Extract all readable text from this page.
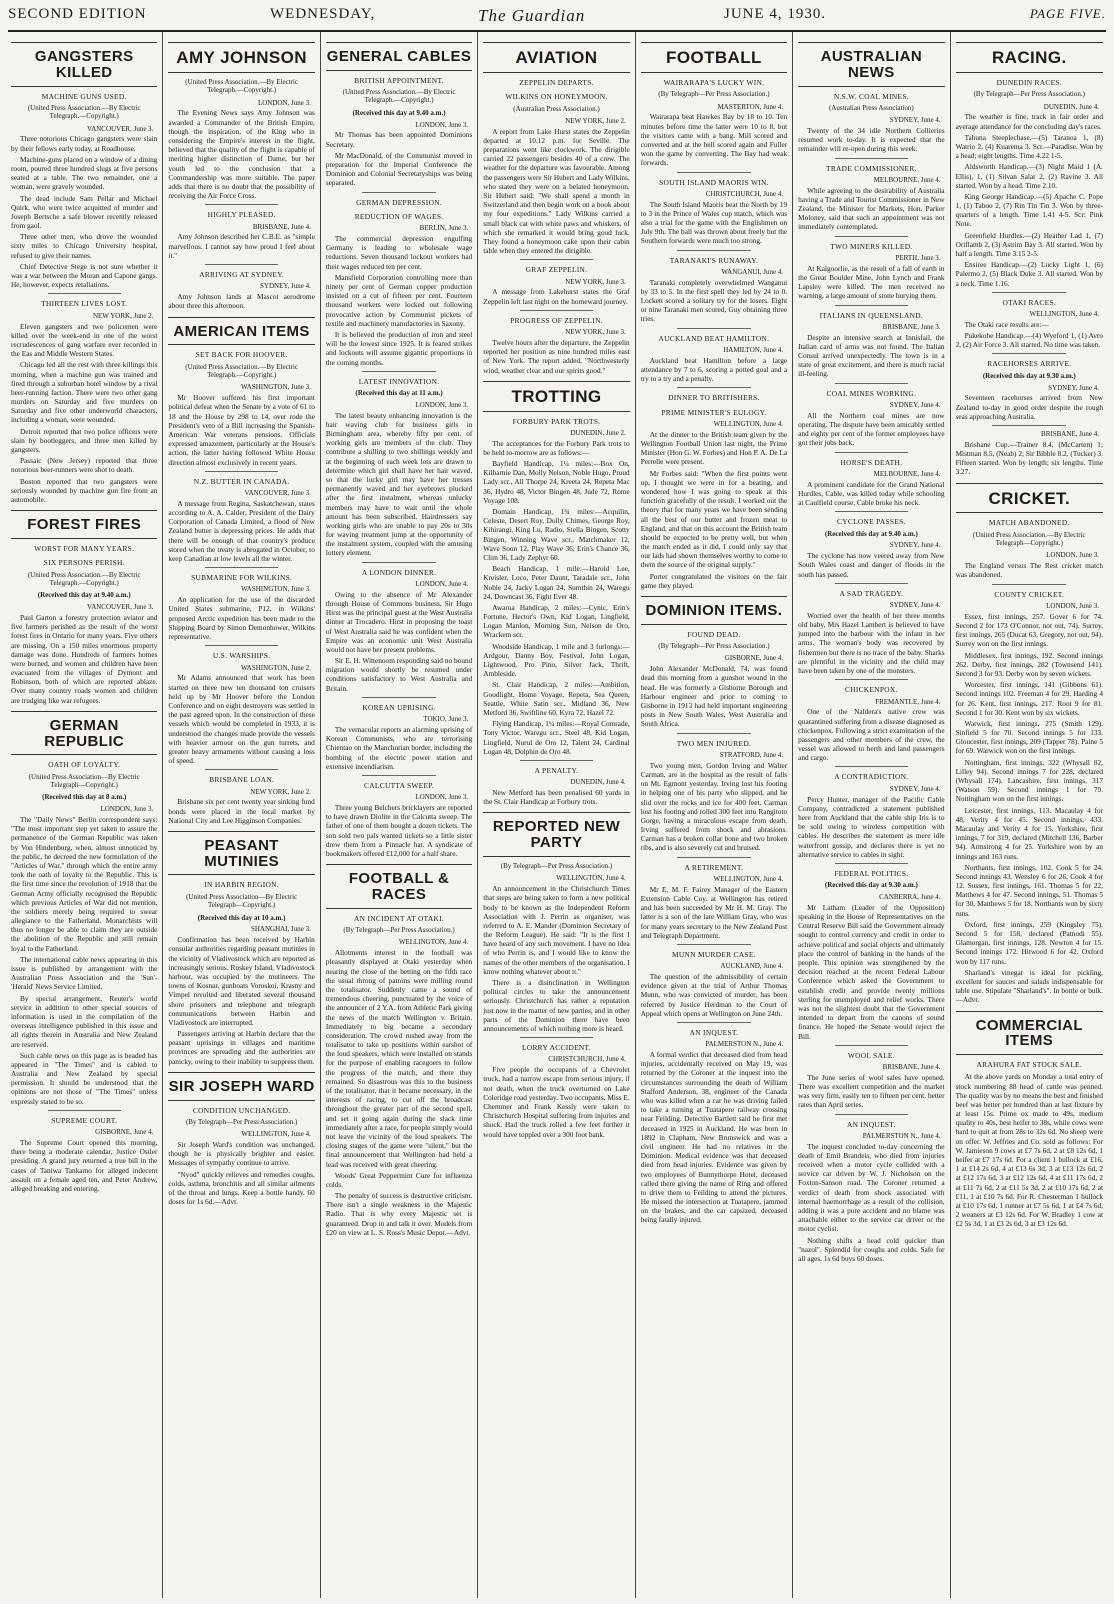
SECOND EDITION	WEDNESDAY,	The Guardian	JUNE 4, 1930.	PAGE FIVE.
GANGSTERS KILLED
MACHINE GUNS USED.
(United Press Association.—By Electric Telegraph.—Copyright.)
VANCOUVER, June 3.

Three notorious Chicago gangsters were slain by their fellows early today, at Roadhouse.

Machine-guns placed on a window of a dining room, poured three hundred slugs at five persons seated at a table. The two remainder, one a woman, were gravely wounded.

The dead include Sam Pellar and Michael Quirk, who were twice acquitted of murder and Joseph Bertsche a safe blower recently released from gaol.

Three other men, who drove the wounded sixty miles to Chicago University hospital, refused to give their names.

Chief Detective Stege is not sure whether it was a war between the Moran and Capone gangs. He, however, expects retaliations.

THIRTEEN LIVES LOST.
NEW YORK, June 2.

Eleven gangsters and two policemen were killed over the week-end in one of the worst recrudescences of gang warfare ever recorded in the Eas and Middle Western States.

Chicago led all the rest with three killings this morning, when a machine gun was trained and fired through a suburban hotel window by a rival beer-running faction. There were two other gang murders on Saturday and five murders on Saturday and five other underworld characters, including a woman, were wounded.

Detroit reported that two police officers were slain by bootleggers, and three men killed by gangsters.

Passaic (New Jersey) reported that three notorious beer-runners were shot to death.

Boston reported that two gangsters were seriously wounded by machine gun fire from an automobile.

FOREST FIRES
WORST FOR MANY YEARS.
SIX PERSONS PERISH.
(United Press Association.—By Electric Telegraph.—Copyright.)
(Received this day at 9.40 a.m.)
VANCOUVER, June 3.

Paul Garton a forestry protection aviator and five farmers perished as the result of the worst forest fires in Ontario for many years. Five others are missing. On a 150 miles enormous property damage was done. Hundreds of farmers homes were burned, and women and children have been evacuated from the villages of Dymont and Robinson, both of which are reported ablaze. Over many country roads women and children are trudging like war refugees.

GERMAN REPUBLIC
OATH OF LOYALTY.
(United Press Association—By Electric Telegraph—Copyright.)
(Received this day at 8 a.m.)
LONDON, June 3.

The "Daily News" Berlin correspondent says: "The most important step yet taken to assure the permanence of the German Republic was taken by Von Hindenburg, when, almost unnoticed by the public, he decreed the new formulation of the "Articles of War," through which the entire army took the oath of loyalty to the Republic. This is the first time since the revolution of 1918 that the German Army officially recognised the Republic which previous Articles of War did not mention, the soldiers merely being required to swear allegiance to the Fatherland. Monarchists will thus no longer be able to claim they are outside the abolition of the Republic and still remain loyal to the Fatherland.

The international cable news appearing in this issue is published by arrangement with the Australian Press Association and the 'Sun'-'Herald' News Service Limited.

By special arrangement, Reuter's world service in addition to other special sources of information is used in the compilation of the overseas intelligence published in this issue and all rights therein in Australia and New Zealand are reserved.

Such cable news on this page as is headed has appeared in "The Times" and is cabled to Australia and New Zealand by special permission. It should be understood that the opinions are not those of "The Times" unless expressly stated to be so.

SUPREME COURT.
GISBORNE, June 4.

The Supreme Court opened this morning, there being a moderate calendar, Justice Ostler presiding. A grand jury returned a true bill in the cases of Taniwa Tankamo for alleged indecent assault on a female aged ten, and Peter Andrew, alleged breaking and entering.

AMY JOHNSON
(United Press Association.—By Electric Telegraph.—Copyright.)
LONDON, June 3.

The Evening News says Amy Johnson was awarded a Commander of the British Empire, though the inspiration, of the King who in considering the Empire's interest in the flight, believed that the quality of the flight is capable of meriting higher distinction of Dame, but her youth led to the conclusion that a Commandership was more suitable. The paper adds that there is no doubt that the possibility of receiving the Air Force Cross.

HIGHLY PLEASED.
BRISBANE, June 4.

Amy Johnson described her C.B.E. as "simple marvellous. I cannot say how proud I feel about it."

ARRIVING AT SYDNEY.
SYDNEY, June 4.

Amy Johnson lands at Mascot aerodrome about three this afternoon.

AMERICAN ITEMS
SET BACK FOR HOOVER.
(United Press Association.—By Electric Telegraph.—Copyright.)
WASHINGTON, June 3.

Mr Hoover suffered his first important political defeat when the Senate by a vote of 61 to 18 and the House by 298 to 14, over rode the President's veto of a Bill increasing the Spanish-American War veterans pensions. Officials expressed amazement, particularly at the House's action, the latter having followed White House direction almost exclusively in recent years.

N.Z. BUTTER IN CANADA.
VANCOUVER, June 3.

A message from Regina, Saskatchewan, states according to A. A. Calder, President of the Dairy Corporation of Canada Limited, a flood of New Zealand butter is depressing prices. He adds that there will be enough of that country's produce stored when the treaty is abrogated in October, to keep Canadian at low levels all the winter.

SUBMARINE FOR WILKINS.
WASHINGTON, June 3.

An application for the use of the discarded United States submarine, P12, in Wilkins' proposed Arctic expedition has been made to the Shipping Board by Simon Demonhower, Wilkins representative.

U.S. WARSHIPS.
WASHINGTON, June 2.

Mr Adams announced that work has been started on three new ten thousand ton cruisers held up by Mr Hoover before the London Conference and on eight destroyers was settled in the past agreed upon. In the construction of these vessels which would be completed in 1933, it is understood the changes made provide the vessels with heavier armour on the gun turrets, and greater heavy armaments without causing a loss of speed.

BRISBANE LOAN.
NEW YORK, June 2.

Brisbane six per cent twenty year sinking fund bonds were placed in the local market by National City and Lee Higginson Companies.

PEASANT MUTINIES
IN HARBIN REGION.
(United Press Association—By Electric Telegraph—Copyright.)
(Received this day at 10 a.m.)
SHANGHAI, June 3.

Confirmation has been received by Harbin consular authorities regarding peasant mutinies in the vicinity of Vladivostock which are reported as increasingly serious. Ruskey Island, Vladivostock harbour, was occupied by the mutineers. The towns of Kosnar, gunboats Voroskoi, Krasny and Vimpel revolted and liberated several thousand shore prisoners and telephone and telegraph communications between Harbin and Vladivostock are interrupted.

Passengers arriving at Harbin declare that the peasant uprisings in villages and maritime provinces are spreading and the authorities are panicky, owing to their inability to suppress them.

SIR JOSEPH WARD
CONDITION UNCHANGED.
(By Telegraph—Per Press Association.)
WELLINGTON, June 4.

Sir Joseph Ward's condition was unchanged, though he is physically brighter and easier. Messages of sympathy continue to arrive.

"Nyod" quickly relieves and remedies coughs, colds, asthma, bronchitis and all similar ailments of the throat and lungs. Keep a bottle handy. 60 doses for 1s 6d.—Advt.

GENERAL CABLES
BRITISH APPOINTMENT.
(United Press Association.—By Electric Telegraph.—Copyright.)
(Received this day at 9.40 a.m.)
LONDON, June 3.

Mr Thomas has been appointed Dominions Secretary.

Mr MacDonald, of the Communist moved in preparation for the Imperial Conference the Dominion and Colonial Secretaryships was being separated.

GERMAN DEPRESSION.
REDUCTION OF WAGES.
BERLIN, June 3.

The commercial depression engulfing Germany is leading to wholesale wage reductions. Seven thousand lockout workers had their wages reduced ten per cent.

Mansfield Corporation controlling more than ninety per cent of German copper production insisted on a cut of fifteen per cent. Fourteen thousand workers were locked out following provocative action by Communist pickets of textile and machinery manufactories in Saxony.

It is believed the production of iron and steel will be the lowest since 1925. It is feared strikes and lockouts will assume gigantic proportions in the coming months.

LATEST INNOVATION.
(Received this day at 11 a.m.)
LONDON, June 3.

The latest beauty enhancing innovation is the hair waving club for business girls in Birmingham area, whereby fifty per cent. of working girls are members of the club. They contribute a shilling to two shillings weekly and at the beginning of each week lots are drawn to determine which girl shall have her hair waved, so that the lucky girl may have her tresses permanently waved and her eyebrows plucked after the first instalment, whereas unlucky members may have to wait until the whole amount has been subscribed. Hairdressers say working girls who are unable to pay 20s to 30s for waving treatment jump at the opportunity of the instalment system, coupled with the amusing lottery element.

A LONDON DINNER.
LONDON, June 4.

Owing to the absence of Mr Alexander through House of Commons business, Sir Hugo Hirst was the principal guest at the West Australia dinner at Trocadero. Hirst in proposing the toast of West Australia said he was confident when the Empire was an economic unit West Australia would not have her present problems.

Sir E. H. Wittenoom responding said no bound migration would shortly be resumed under conditions satisfactory to West Australia and Britain.

KOREAN UPRISING.
TOKIO, June 3.

The vernacular reports an alarming uprising of Korean Communists, who are terrorising Chientao on the Manchurian border, including the bombing of the electric power station and extensive incendiarism.

CALCUTTA SWEEP.
LONDON, June 3.

Three young Belchers bricklayers are reported to have drawn Diolite in the Calcutta sweep. The father of one of them bought a dozen tickets. The son sold two pals wanted tickets so a little sister drew them from a Pinnacle hat. A syndicate of bookmakers offered £12,000 for a half share.

FOOTBALL & RACES
AN INCIDENT AT OTAKI.
(By Telegraph—Per Press Association.)
WELLINGTON, June 4.

Allotments interest in the football was pleasantly displayed at Otaki yesterday when nearing the close of the betting on the fifth race the usual throng of patrons were milling round the totalisator. Suddenly came a sound of tremendous cheering, punctuated by the voice of the announcer of 2 Y.A. from Athletic Park giving the news of the match Wellington v. Britain. Immediately to big became a secondary consideration. The crowd rushed away from the totalisator to take up positions within earshot of the loud speakers, which were installed on stands for the purpose of enabling racegoers to follow the progress of the match, and there they remained. So disastrous was this to the business of the totalisator, that it became necessary, in the interests of racing, to cut off the broadcast throughout the greater part of the second spell, and set it going again during the slack time immediately after a race, for people simply would not leave the vicinity of the loud speakers. The closing stages of the game were "silent," but the final announcement that Wellington had held a lead was received with great cheering.

Woods' Great Peppermint Cure for influenza colds.

The penalty of success is destructive criticism. There isn't a single weakness in the Majestic Radio. That is why every Majestic set is guaranteed. Drop in and talk it over. Models from £20 on view at L. S. Ross's Music Depot.—Advt.

AVIATION
ZEPPELIN DEPARTS.
WILKINS ON HONEYMOON.
(Australian Press Association.)
NEW YORK, June 2.

A report from Lake Hurst states the Zeppelin departed at 10.12 p.m. for Seville. The preparations went like clockwork. The dirigible carried 22 passengers besides 40 of a crew. The weather for the departure was favourable. Among the passengers were Sir Hubert and Lady Wilkins, who stated they were on a belated honeymoon. Sir Hubert said: "We shall spend a month in Switzerland and then begin work on a book about my four expeditions." Lady Wilkins carried a small black cat with white paws and whiskers, of which she remarked it would bring good luck. They found a honeymoon cake upon their cabin table when they entered the dirigible.

GRAF ZEPPELIN.
NEW YORK, June 3.

A message from Lakehurst states the Graf Zeppelin left last night on the homeward journey.

PROGRESS OF ZEPPELIN.
NEW YORK, June 3.

Twelve hours after the departure, the Zeppelin reported her position as nine hundred miles east of New York. The report added, "Northwesterly wind, weather clear and our spirits good."

TROTTING
FORBURY PARK TROTS.
DUNEDIN, June 2.

The acceptances for the Forbury Park trots to be held to-morrow are as follows:—

Bayfield Handicap, 1¼ miles:—Box On, Kilbarnie Dan, Molly Nelson, Noble Hugo, Proud Lady scr., All Thorpe 24, Kreeta 24, Repeta Mac 36, Hydro 48, Victor Bingen 48, Jude 72, Rome Voyage 108.

Domain Handicap, 1¾ miles:—Acquilin, Celeste, Desert Roy, Dolly Chimes, George Roy, Kihirangi, King Lu, Radio, Stella Bingen, Scotty Bingen, Winning Wave scr., Matchmaker 12, Wave Soon 12, Play Wave 36, Erin's Chance 36, Clim 36, Lady Zephyr 60.

Beach Handicap, 1 mile:—Harold Lee, Kreisler, Loco, Peter Daunt, Taradale scr., John Noble 24, Jacky Logan 24, Sumthin 24, Waregu 24, Downcast 36, Fight Ever 48.

Awarua Handicap, 2 miles:—Cynic, Erin's Fortune, Hector's Own, Kid Logan, Lingfield, Logan Manlon, Morning Sun, Nelson de Oro, Wrackem scr.

Woodside Handicap, 1 mile and 3 furlongs:—Ardgour, Danny Boy, Festival, John Logan, Lightwood, Pro Pino, Silver Jack, Thrift, Ambleside.

St. Clair Handicap, 2 miles:—Ambition, Goodlight, Home Voyage, Repeta, Sea Queen, Seattle, White Satin scr., Midland 36, New Metford 36, Swiftline 60, Kyra 72, Hazel 72.

Flying Handicap, 1¼ miles:—Royal Comrade, Tony Victor, Waregu scr., Steel 48, Kid Logan, Lingfield, Nurul de Oro 12, Talent 24, Cardinal Logan 48, Dolphin de Oro 48.

A PENALTY.
DUNEDIN, June 4.

New Metford has been penalised 60 yards in the St. Clair Handicap at Forbury trots.

REPORTED NEW PARTY
(By Telegraph—Per Press Association.)
WELLINGTON, June 4.

An announcement in the Christchurch Times that steps are being taken to form a new political body to be known as the Independent Reform Association with J. Perrin as organiser, was referred to A. E. Mander (Dominion Secretary of the Reform League). He said: "It is the first I have heard of any such movement. I have no idea of who Perrin is, and I would like to know the names of the other members of the organisation. I know nothing whatever about it."

There is a disinclination in Wellington political circles to take the announcement seriously. Christchurch has rather a reputation just now in the matter of new parties, and in other parts of the Dominion there have been announcements of which nothing more is heard.

LORRY ACCIDENT.
CHRISTCHURCH, June 4.

Five people the occupants of a Chevrolet truck, had a narrow escape from serious injury, if not death, when the truck overturned on Lake Coleridge road yesterday. Two occupants, Miss E. Chemmer and Frank Kessly were taken to Christchurch Hospital suffering from injuries and shock. Had the truck rolled a few feet further it would have toppled over a 300 foot bank.

FOOTBALL
WAIRARAPA'S LUCKY WIN.
(By Telegraph—Per Press Association.)
MASTERTON, June 4.

Wairarapa beat Hawkes Bay by 18 to 10. Ten minutes before time the latter were 10 to 8, but the visitors came with a bang. Mill scored and converted and at the bell scored again and Fuller won the game by converting. The Bay had weak forwards.

SOUTH ISLAND MAORIS WIN.
CHRISTCHURCH, June 4.

The South Island Maoris beat the North by 19 to 3 in the Prince of Wales cup match, which was also a trial for the game with the Englishmen on July 9th. The ball was thrown about freely but the Southern forwards were much too strong.

TARANAKI'S RUNAWAY.
WANGANUI, June 4.

Taranaki completely overwhelmed Wanganui by 33 to 5. In the first spell they led by 24 to 0. Lockett scored a solitary try for the losers. Eight or nine Taranaki men scored, Guy obtaining three tries.

AUCKLAND BEAT HAMILTON.
HAMILTON, June 4.

Auckland beat Hamilton before a large attendance by 7 to 6, scoring a potted goal and a try to a try and a penalty.

DINNER TO BRITISHERS.
PRIME MINISTER'S EULOGY.
WELLINGTON, June 4.

At the dinner to the British team given by the Wellington Football Union last night, the Prime Minister (Hon G. W. Forbes) and Hon P. A. De La Perrelle were present.

Mr Forbes said: "When the first points went up, I thought we were in for a beating, and wondered how I was going to speak at this function gracefully of the result. I worked out the theory that for many years we have been sending all the best of our butter and frozen meat to England, and that on this account the British team should be expected to be pretty well, but when the match ended as it did, I could only say that our lads had shown themselves worthy to come to them the source of the original supply."

Porter congratulated the visitors on the fair game they played.

DOMINION ITEMS.
FOUND DEAD.
(By Telegraph—Per Press Association.)
GISBORNE, June 4.

John Alexander McDonald, 74, was found dead this morning from a gunshot wound in the head. He was formerly a Gisborne Borough and Harbour engineer and prior to coming to Gisborne in 1913 had held important engineering posts in New South Wales, West Australia and South Africa.

TWO MEN INJURED.
STRATFORD, June 4.

Two young men, Gordon Irving and Walter Carman, are in the hospital as the result of falls on Mt. Egmont yesterday. Irving lost his footing in helping one of his party who slipped, and he slid over the rocks and ice for 400 feet. Carman lost his footing and rolled 300 feet into Rangitoto Gorge, having a miraculous escape from death. Irving suffered from shock and abrasions. Carman has a broken collar bone and two broken ribs, and is also severely cut and bruised.

A RETIREMENT.
WELLINGTON, June 4.

Mr E. M. F. Fairey Manager of the Eastern Extension Cable Coy. at Wellington has retired and has been succeeded by Mr H. M. Gray. The latter is a son of the late William Gray, who was for many years secretary to the New Zealand Post and Telegraph Department.

MUNN MURDER CASE.
AUCKLAND, June 4.

The question of the admissibility of certain evidence given at the trial of Arthur Thomas Munn, who was convicted of murder, has been referred by Justice Herdman to the Court of Appeal which opens at Wellington on June 24th.

AN INQUEST.
PALMERSTON N., June 4.

A formal verdict that deceased died from head injuries, accidentally received on May 19, was returned by the Coroner at the inquest into the circumstances surrounding the death of William Stafford Anderson, 38, engineer of the Canada who was killed when a car he was driving failed to take a turning at Tuatapere railway crossing near Feilding. Detective Bartlett said he first met deceased in 1925 in Auckland. He was born in 1892 in Clapham, New Brunswick and was a civil engineer. He had no relatives in the Dominion. Medical evidence was that deceased died from head injuries. Evidence was given by two employees of Bunnythorpe Hotel, deceased called there giving the name of Ring and offered to drive them to Feilding to attend the pictures. He missed the intersection at Tuatapere, jammed on the brakes, and the car capsized, deceased being fatally injured.

AUSTRALIAN NEWS
N.S.W. COAL MINES.
(Australian Press Association)
SYDNEY, June 4.

Twenty of the 34 idle Northern Collieries resumed work to-day. It is expected that the remainder will re-open during this week.

TRADE COMMISSIONER.
MELBOURNE, June 4.

While agreeing to the desirability of Australia having a Trade and Tourist Commissioner in New Zealand, the Minister for Markets, Hon. Parker Moloney, said that such an appointment was not immediately contemplated.

TWO MINERS KILLED.
PERTH, June 3.

At Kalgoorlie, as the result of a fall of earth in the Great Boulder Mine, John Lynch and Frank Lapsley were killed. The men received no warning, a large amount of stone burying them.

ITALIANS IN QUEENSLAND.
BRISBANE, June 3.

Despite an intensive search at Innisfail, the Italian card of arms was not found. The Italian Consul arrived unexpectedly. The town is in a state of great excitement, and there is much racial ill-feeling.

COAL MINES WORKING.
SYDNEY, June 4.

All the Northern coal mines are now operating. The dispute have been amicably settled and eighty per cent of the former employees have got their jobs back.

HORSE'S DEATH.
MELBOURNE, June 4.

A prominent candidate for the Grand National Hurdles, Cable, was killed today while schooling at Caulfield course. Cable broke his neck.

CYCLONE PASSES.
(Received this day at 9.40 a.m.)
SYDNEY, June 4.

The cyclone has now veered away from New South Wales coast and danger of floods in the south has passed.

A SAD TRAGEDY.
SYDNEY, June 4.

Worried over the health of her three months old baby, Mrs Hazel Lambert is believed to have jumped into the harbour with the infant in her arms. The woman's body was recovered by fishermen but there is no trace of the baby. Sharks are plentiful in the vicinity and the child may have been taken by one of the monsters.

CHICKENPOX.
FREMANTLE, June 4.

One of the Naldera's native crew was quarantined suffering from a disease diagnosed as chickenpox. Following a strict examination of the passengers and other members of the crew, the vessel was allowed to berth and land passengers and cargo.

A CONTRADICTION.
SYDNEY, June 4.

Percy Hunter, manager of the Pacific Cable Company, contradicted a statement published here from Auckland that the cable ship Iris is to be sold owing to wireless competition with cables. He describes the statement as mere idle waterfront gossip, and declares there is yet no alternative service to cables in sight.

FEDERAL POLITICS.
(Received this day at 9.30 a.m.)
CANBERRA, June 4.

Mr Latham (Leader of the Opposition) speaking in the House of Representatives on the Central Reserve Bill said the Government already sought to control currency and credit in order to achieve political and social objects and ultimately place the control of banking in the hands of the people. This opinion was strengthened by the decision reached at the recent Federal Labour Conference which asked the Government to establish credit and provide twenty millions sterling for unemployed and relief works. There was not the slightest doubt that the Government intended to depart from the canons of sound finance. He hoped the Senate would reject the Bill.

WOOL SALE.
BRISBANE, June 4.

The June series of wool sales have opened. There was excellent competition and the market was very firm, easily ten to fifteen per cent. better rates than April series.

AN INQUEST.
PALMERSTON N., June 4.

The inquest concluded to-day concerning the death of Emil Brandeis, who died from injuries received when a motor cycle collided with a service car driven by W. J. Nicholson on the Foxton-Sanson road. The Coroner returned a verdict of death from shock associated with internal haemorrhage as a result of the collision, adding it was a pure accident and no blame was attachable either to the service car driver or the motor cyclist.

Nothing shifts a head cold quicker than "nazol". Splendid for coughs and colds. Safe for all ages. 1s 6d buys 60 doses.

RACING.
DUNEDIN RACES.
(By Telegraph—Per Press Association.)
DUNEDIN, June 4.

The weather is fine, track in fair order and average attendance for the concluding day's races.

Tahuna Steeplechase.—(5) Taranoa 1, (8) Watrio 2, (4) Kuarema 3. Scr.—Paradise. Won by a head; eight lengths. Time 4.22 1-5.

Aldsworth Handicap.—(3) Night Maid 1 (A. Ellis), 1, (1) Silvan Salar 2, (2) Ravine 3. All started. Won by a head. Time 2.10.

King George Handicap.—(5) Apache C. Pope 1, (1) Taboo 2, (7) Rin Tin Tin 3. Won by three-quarters of a length. Time 1.41 4-5. Scr: Pink Note.

Greenfield Hurdles.—(2) Heather Lad 1, (7) Oriflamb 2, (3) Astrim Bay 3. All started. Won by half a length. Time 3.15 2-5.

Ensiree Handicap.—(2) Lucky Light 1, (6) Palermo 2, (5) Black Duke 3. All started. Won by a neck. Time 1.16.

OTAKI RACES.
WELLINGTON, June 4.

The Otaki race results are:—

Pukekohe Handicap.—(4) Wyeford 1, (1) Avro 2, (2) Air Force 3. All started. No time was taken.

RACEHORSES ARRIVE.
(Received this day at 9.30 a.m.)
SYDNEY, June 4.

Seventeen racehorses arrived from New Zealand to-day in good order despite the rough seas approaching Australia.

BRISBANE, June 4.

Brisbane Cup.—Trainer 8.4, (McCarten) 1; Mistman 8.5, (Neab) 2; Sir Bibble 8.2, (Tucker) 3. Fifteen started. Won by length; six lengths. Time 3.27.

CRICKET.
MATCH ABANDONED.
(United Press Association.—By Electric Telegraph—Copyright.)
LONDON, June 3.

The England versus The Rest cricket match was abandoned.

COUNTY CRICKET.
LONDON, June 3.

Essex, first innings, 257. Gover 6 for 74. Second 2 for 173 O'Connor, not out, 74). Surrey, first innings, 265 (Ducat 63, Gregory, not out, 94). Surrey won on the first innings.

Middlesex, first innings, 192. Second innings 262. Derby, first innings, 282 (Townsend 141). Second 3 for 93. Derby won by seven wickets.

Worcester, first innings, 141 (Gibbons 61). Second innings 102. Freeman 4 for 29, Harding 4 for 26. Kent, first innings, 217. Root 9 for 81. Second 1 for 30. Kent won by six wickets.

Warwick, first innings, 275 (Smith 129). Sinfield 5 for 70. Second innings 5 for 133. Gloucester, first innings, 209 (Tapper 78). Paine 5 for 69. Warwick won on the first innings.

Nottingham, first innings, 322 (Whysall 82, Lilley 94). Second innings 7 for 228, declared (Whysall 174). Lancashire, first innings, 317 (Watson 59). Second innings 1 for 79. Nottingham won on the first innings.

Leicester, first innings, 113. Macaulay 4 for 48, Verity 4 for 45. Second innings, 433. Macaulay and Verity 4 for 15. Yorkshire, first innings, 7 for 319, declared (Mitchell 136, Barber 94). Armstrong 4 for 25. Yorkshire won by an innings and 163 runs.

Northants, first innings, 102. Cook 5 for 24. Second innings 43. Wensley 6 for 26, Cook 4 for 12. Sussex, first innings, 161. Thomas 5 for 22, Matthews 4 for 47. Second innings, 51. Thomas 5 for 30, Matthews 5 for 18. Northants won by sixty runs.

Oxford, first innings, 259 (Kingsley 75). Second 5 for 158, declared (Patnodi 55). Glamorgan, first innings, 128. Newton 4 for 15. Second innings 172. Hitwood 6 for 42. Oxford won by 117 runs.

Sharland's vinegar is ideal for pickling, excellent for sauces and salads indispensable for table use. Stipulate "Sharland's". In bottle or bulk.—Advt.

COMMERCIAL ITEMS
ARAHURA FAT STOCK SALE.

At the above yards on Monday a total entry of stock numbering 88 head of cattle was penned. The quality was by no means the best and finished beef was better per hundred than at last fixture by at least 15s. Prime ox made to 49s, medium quality to 40s, best heifer to 38s, while cows were hard to quit at from 28s to 32s 6d. No sheep were on offer. W. Jeffries and Co. sold as follows: For W. Jamieson 9 cows at £7 7s 6d, 2 at £8 12s 6d, 1 heifer at £7 17s 6d. For a client 1 bullock at £16, 1 at £14 2s 6d, 4 at £13 6s 3d, 3 at £13 12s 6d, 2 at £12 17s 6d, 3 at £12 12s 6d, 4 at £11 17s 6d, 2 at £11 7s 6d, 2 at £11 5s 3d, 2 at £10 17s 6d, 2 at £11, 1 at £10 7s 6d. For R. Chesterman 1 bullock at £10 17s 6d, 1 runner at £7 5s 6d, 1 at £4 7s 6d, 2 weaners at £3 12s 6d. For W. Bradley 1 cow at £2 5s 3d, 1 at £3 2s 6d, 3 at £3 12s 6d.
